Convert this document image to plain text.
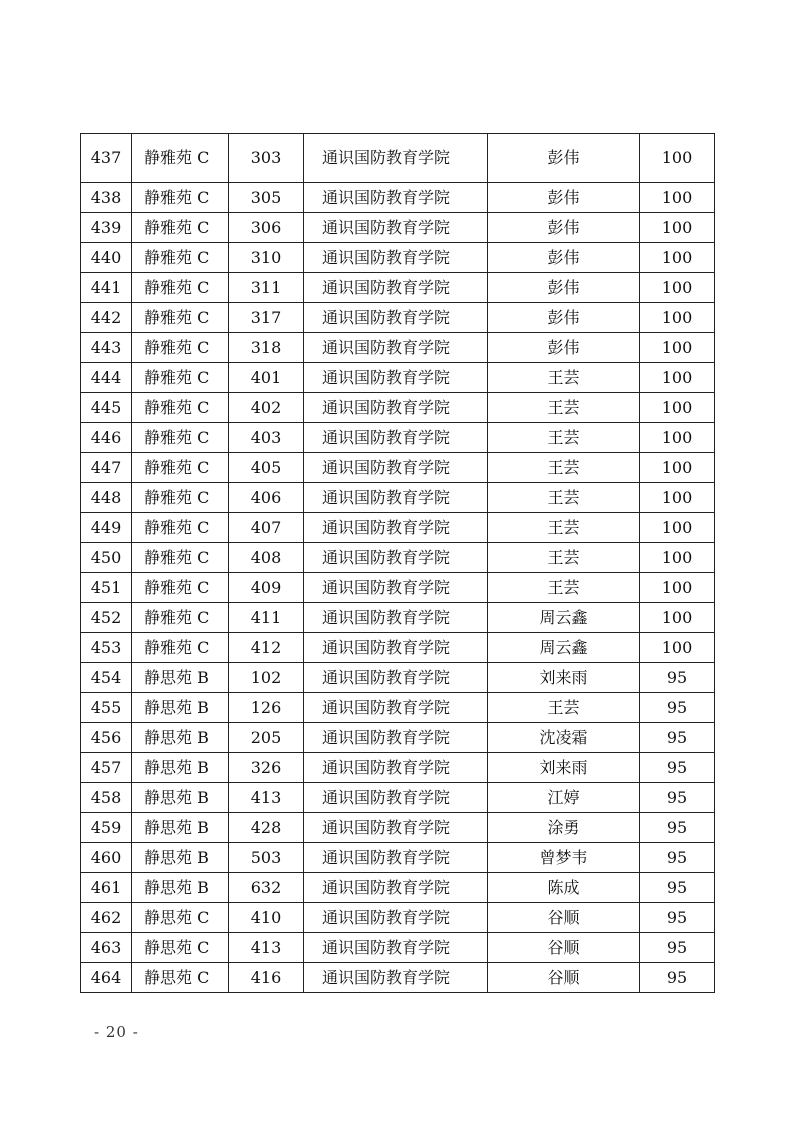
437	静雅苑 C	303	通识国防教育学院	彭伟	100
438	静雅苑 C	305	通识国防教育学院	彭伟	100
439	静雅苑 C	306	通识国防教育学院	彭伟	100
440	静雅苑 C	310	通识国防教育学院	彭伟	100
441	静雅苑 C	311	通识国防教育学院	彭伟	100
442	静雅苑 C	317	通识国防教育学院	彭伟	100
443	静雅苑 C	318	通识国防教育学院	彭伟	100
444	静雅苑 C	401	通识国防教育学院	王芸	100
445	静雅苑 C	402	通识国防教育学院	王芸	100
446	静雅苑 C	403	通识国防教育学院	王芸	100
447	静雅苑 C	405	通识国防教育学院	王芸	100
448	静雅苑 C	406	通识国防教育学院	王芸	100
449	静雅苑 C	407	通识国防教育学院	王芸	100
450	静雅苑 C	408	通识国防教育学院	王芸	100
451	静雅苑 C	409	通识国防教育学院	王芸	100
452	静雅苑 C	411	通识国防教育学院	周云鑫	100
453	静雅苑 C	412	通识国防教育学院	周云鑫	100
454	静思苑 B	102	通识国防教育学院	刘来雨	95
455	静思苑 B	126	通识国防教育学院	王芸	95
456	静思苑 B	205	通识国防教育学院	沈凌霜	95
457	静思苑 B	326	通识国防教育学院	刘来雨	95
458	静思苑 B	413	通识国防教育学院	江婷	95
459	静思苑 B	428	通识国防教育学院	涂勇	95
460	静思苑 B	503	通识国防教育学院	曾梦韦	95
461	静思苑 B	632	通识国防教育学院	陈成	95
462	静思苑 C	410	通识国防教育学院	谷顺	95
463	静思苑 C	413	通识国防教育学院	谷顺	95
464	静思苑 C	416	通识国防教育学院	谷顺	95
- 20 -
